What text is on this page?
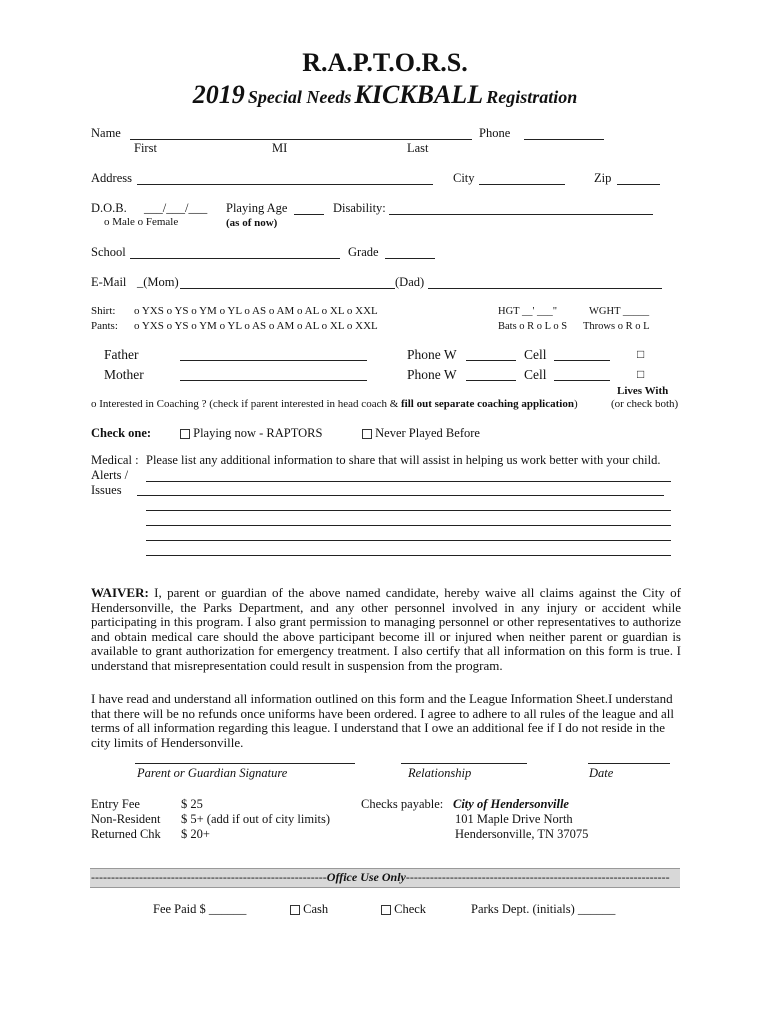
R.A.P.T.O.R.S.
2019 Special Needs KICKBALL Registration
Name	Phone
First	MI	Last
Address	City	Zip
D.O.B. ___/___/___ Playing Age	Disability:
o Male o Female	(as of now)
School	Grade
E-Mail _(Mom)	(Dad)
Shirt: o YXS o YS o YM o YL o AS o AM o AL o XL o XXL
Pants: o YXS o YS o YM o YL o AS o AM o AL o XL o XXL
HGT __' ___"	WGHT _____
Bats o R o L o S Throws o R o L
Father	Phone W	Cell	□
Mother	Phone W	Cell	□
Lives With
(or check both)
o Interested in Coaching ? (check if parent interested in head coach & fill out separate coaching application)
Check one:	Playing now - RAPTORS	Never Played Before
Medical : Please list any additional information to share that will assist in helping us work better with your child.
Alerts /
Issues
WAIVER: I, parent or guardian of the above named candidate, hereby waive all claims against the City of Hendersonville, the Parks Department, and any other personnel involved in any injury or accident while participating in this program. I also grant permission to managing personnel or other representatives to authorize and obtain medical care should the above participant become ill or injured when neither parent or guardian is available to grant authorization for emergency treatment. I also certify that all information on this form is true. I understand that misrepresentation could result in suspension from the program.
I have read and understand all information outlined on this form and the League Information Sheet.I understand that there will be no refunds once uniforms have been ordered. I agree to adhere to all rules of the league and all terms of all information regarding this league. I understand that I owe an additional fee if I do not reside in the city limits of Hendersonville.
Parent or Guardian Signature	Relationship	Date
Entry Fee	$ 25
Non-Resident $ 5+ (add if out of city limits)
Returned Chk $ 20+
Checks payable: City of Hendersonville
101 Maple Drive North
Hendersonville, TN 37075
-----------------------------------------------------------Office Use Only------------------------------------------------------------------
Fee Paid $ ______	Cash	Check	Parks Dept. (initials) ______
